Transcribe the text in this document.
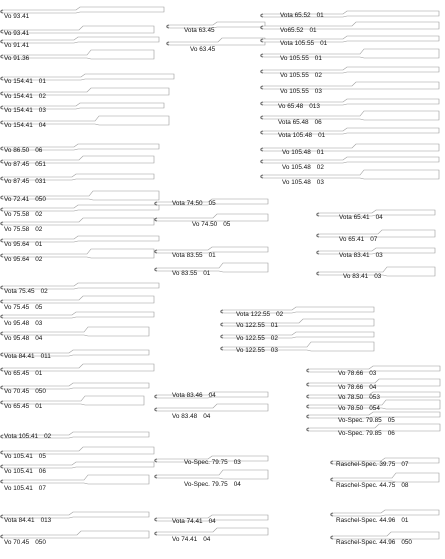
Vo 93.41
Vo 93.41
Vo 91.41
Vo 91.36
Vo 154.41 01
Vo 154.41 02
Vo 154.41 03
Vo 154.41 04
Vo 86.50 06
Vo 87.45 051
Vo 87.45 031
Vo 72.41 050
Vo 75.58 02
Vo 75.58 02
Vo 95.64 01
Vo 95.64 02
Vota 75.45 02
Vo 75.45 05
Vo 95.48 03
Vo 95.48 04
Vota 84.41 011
Vo 65.45 01
Vo 70.45 050
Vo 65.45 01
Vota 105.41 02
Vo 105.41 05
Vo 105.41 06
Vo 105.41 07
Vota 84.41 013
Vo 70.45 050
Vota 63.45
Vo 63.45
Vota 74.50 05
Vo 74.50 05
Vota 83.55 01
Vo 83.55 01
Vota 83.46 04
Vo 83.48 04
Vo-Spec. 79.75 03
Vo-Spec. 79.75 04
Vota 74.41 04
Vo 74.41 04
Vota 65.52 01
Vo65.52 01
Vota 105.55 01
Vo 105.55 01
Vo 105.55 02
Vo 105.55 03
Vo 65.48 013
Vota 65.48 06
Vota 105.48 01
Vo 105.48 01
Vo 105.48 02
Vo 105.48 03
Vota 65.41 04
Vo 65.41 07
Vota 83.41 03
Vo 83.41 03
Vota 122.55 02
Vo 122.55 01
Vo 122.55 02
Vo 122.55 03
Vo 78.66 03
Vo 78.66 04
Vo 78.50 053
Vo 78.50 054
Vo-Spec. 79.85 05
Vo-Spec. 79.85 06
Raschel-Spec. 39.75 07
Raschel-Spec. 44.75 08
Raschel-Spec. 44.96 01
Raschel-Spec. 44.96 050
